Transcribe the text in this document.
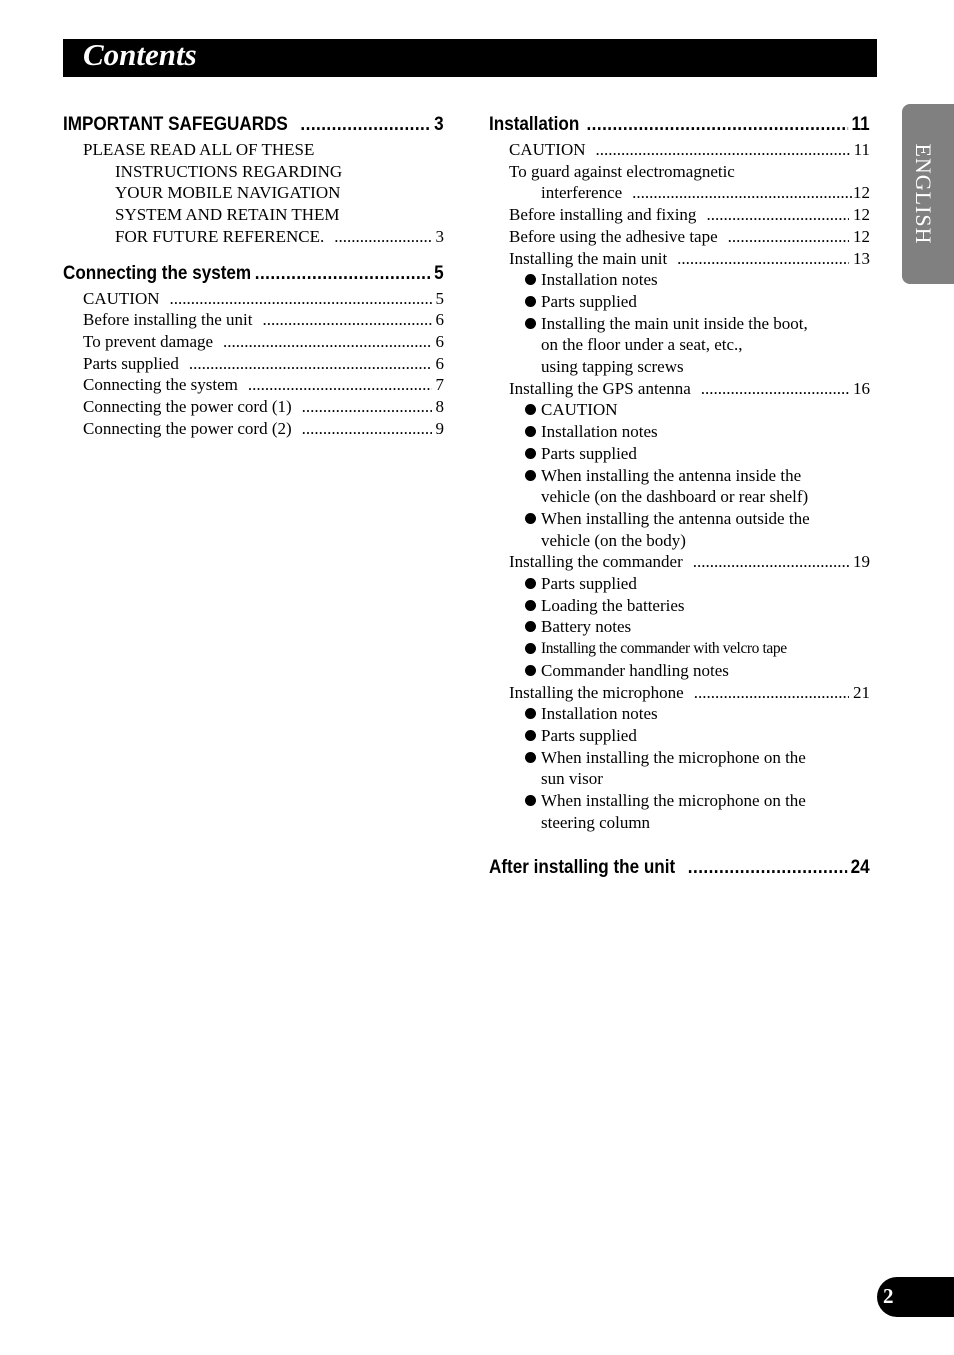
Contents
ENGLISH
IMPORTANT SAFEGUARDS .....	3
PLEASE READ ALL OF THESE
INSTRUCTIONS REGARDING
YOUR MOBILE NAVIGATION
SYSTEM AND RETAIN THEM
FOR FUTURE REFERENCE. .....	3
Connecting the system .....	5
CAUTION .....	5
Before installing the unit .....	6
To prevent damage .....	6
Parts supplied .....	6
Connecting the system .....	7
Connecting the power cord (1) .....	8
Connecting the power cord (2) .....	9
Installation .....	11
CAUTION .....	11
To guard against electromagnetic
interference .....	12
Before installing and fixing .....	12
Before using the adhesive tape .....	12
Installing the main unit .....	13
Installation notes
Parts supplied
Installing the main unit inside the boot,
on the floor under a seat, etc.,
using tapping screws
Installing the GPS antenna .....	16
CAUTION
Installation notes
Parts supplied
When installing the antenna inside the
vehicle (on the dashboard or rear shelf)
When installing the antenna outside the
vehicle (on the body)
Installing the commander .....	19
Parts supplied
Loading the batteries
Battery notes
Installing the commander with velcro tape
Commander handling notes
Installing the microphone .....	21
Installation notes
Parts supplied
When installing the microphone on the
sun visor
When installing the microphone on the
steering column
After installing the unit .....	24
2
